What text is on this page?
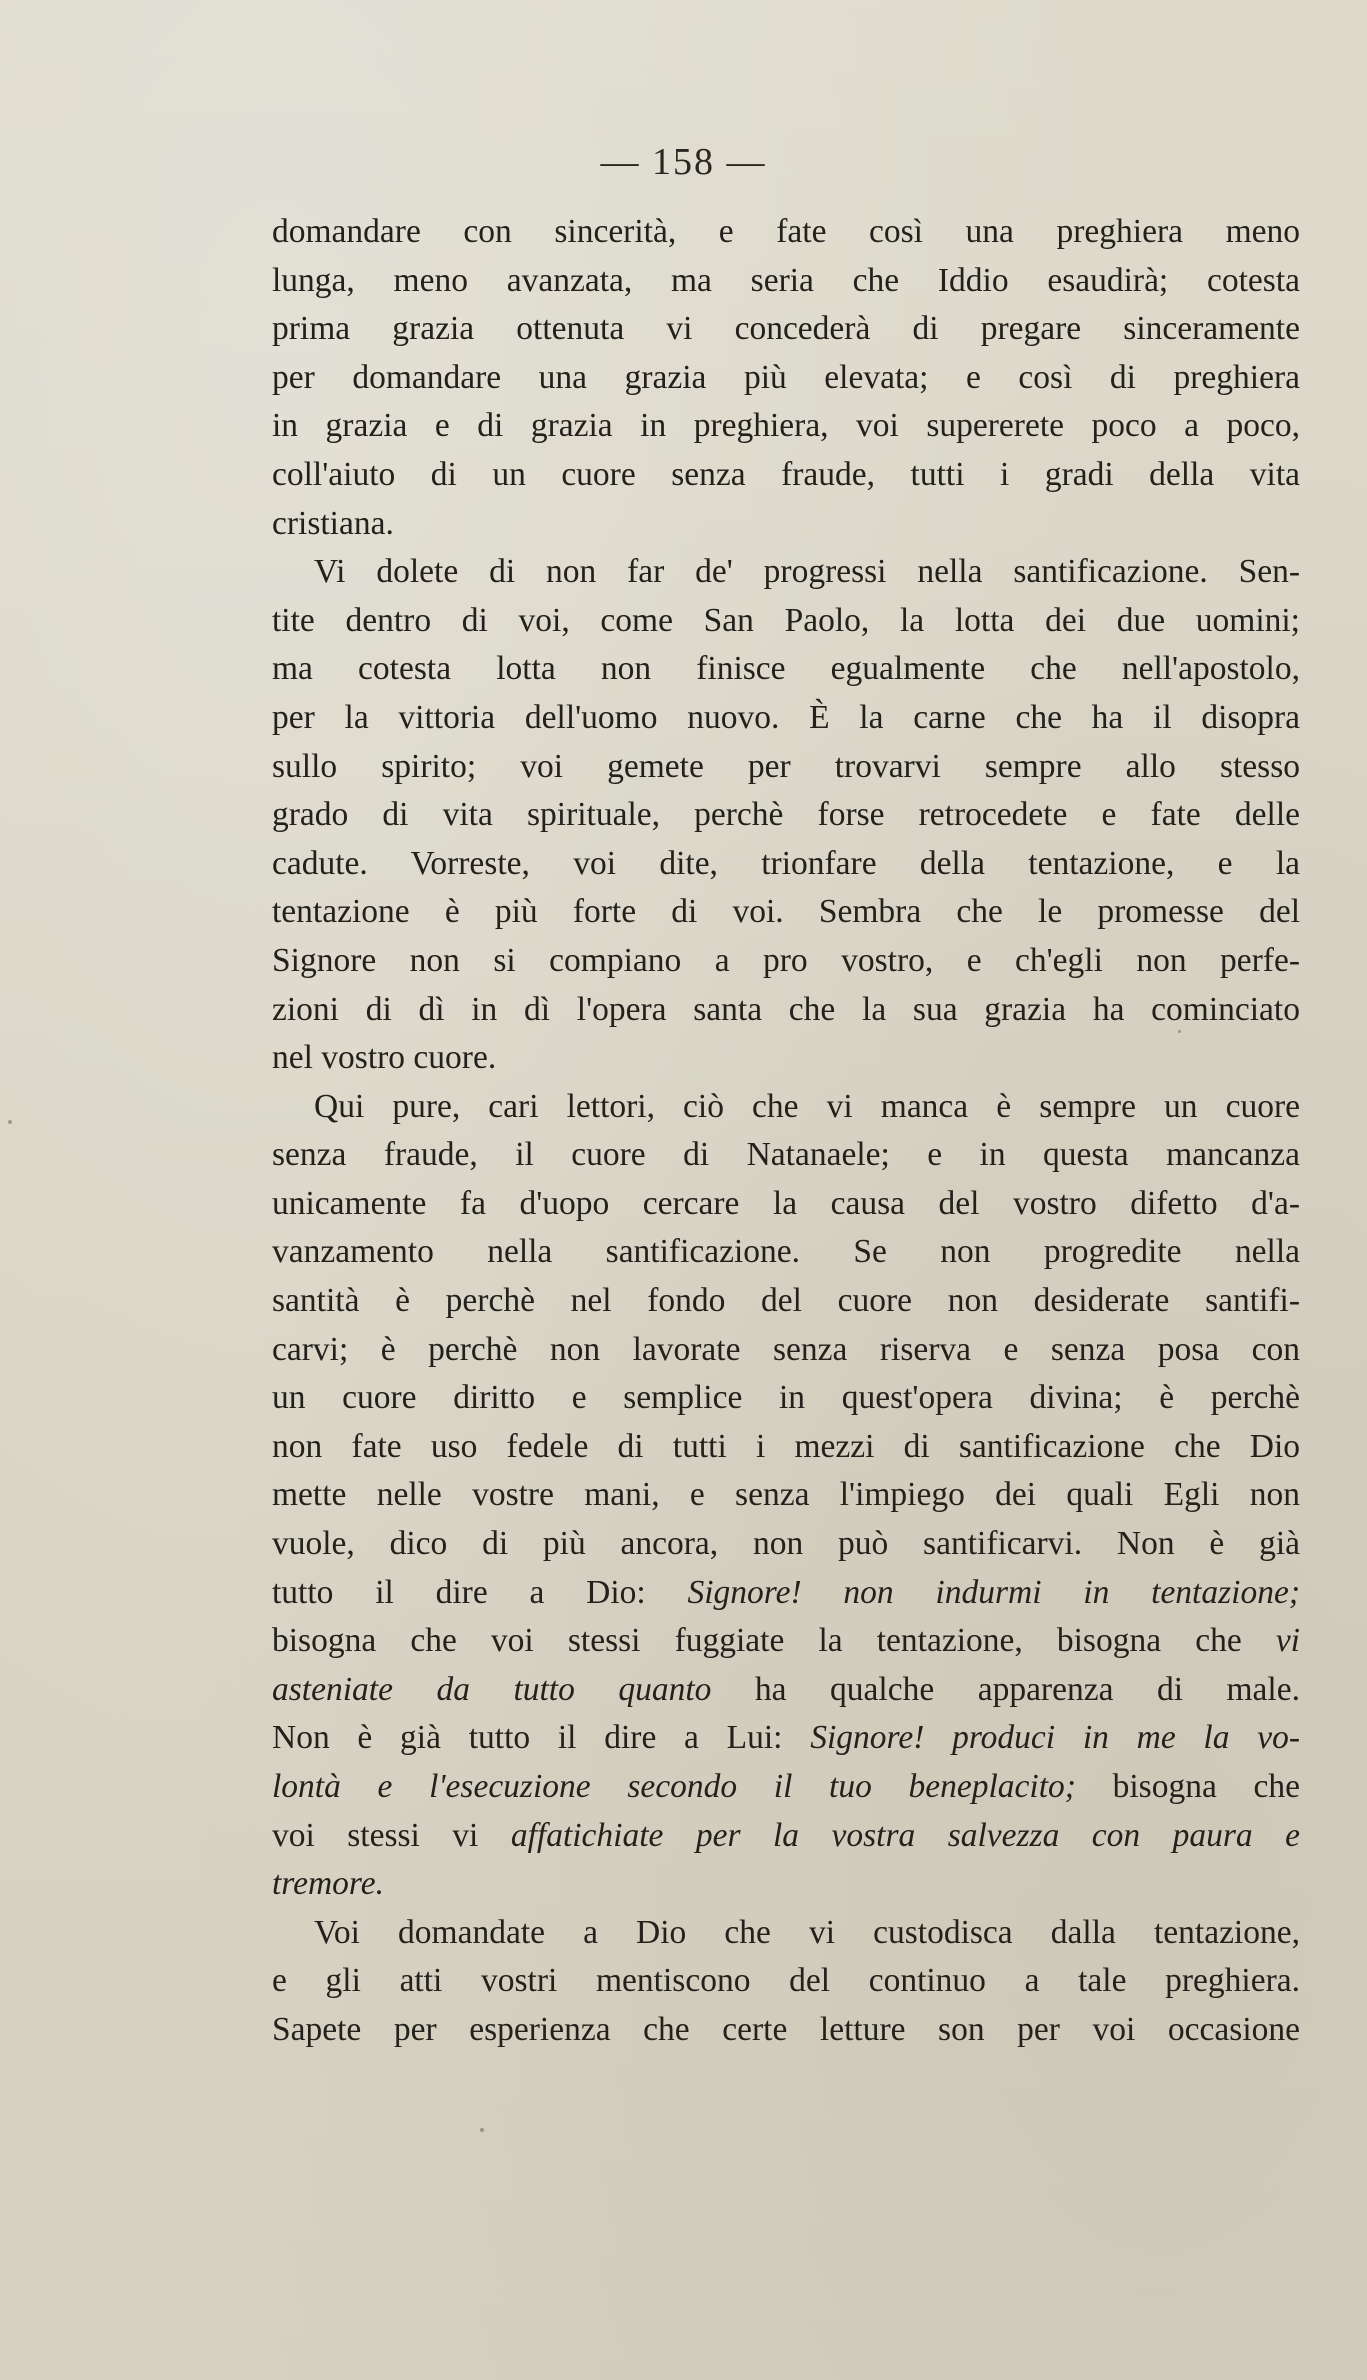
— 158 —
domandare con sincerità, e fate così una preghiera meno
lunga, meno avanzata, ma seria che Iddio esaudirà; cotesta
prima grazia ottenuta vi concederà di pregare sinceramente
per domandare una grazia più elevata; e così di preghiera
in grazia e di grazia in preghiera, voi supererete poco a poco,
coll'aiuto di un cuore senza fraude, tutti i gradi della vita
cristiana.
Vi dolete di non far de' progressi nella santificazione. Sen-
tite dentro di voi, come San Paolo, la lotta dei due uomini;
ma cotesta lotta non finisce egualmente che nell'apostolo,
per la vittoria dell'uomo nuovo. È la carne che ha il disopra
sullo spirito; voi gemete per trovarvi sempre allo stesso
grado di vita spirituale, perchè forse retrocedete e fate delle
cadute. Vorreste, voi dite, trionfare della tentazione, e la
tentazione è più forte di voi. Sembra che le promesse del
Signore non si compiano a pro vostro, e ch'egli non perfe-
zioni di dì in dì l'opera santa che la sua grazia ha cominciato
nel vostro cuore.
Qui pure, cari lettori, ciò che vi manca è sempre un cuore
senza fraude, il cuore di Natanaele; e in questa mancanza
unicamente fa d'uopo cercare la causa del vostro difetto d'a-
vanzamento nella santificazione. Se non progredite nella
santità è perchè nel fondo del cuore non desiderate santifi-
carvi; è perchè non lavorate senza riserva e senza posa con
un cuore diritto e semplice in quest'opera divina; è perchè
non fate uso fedele di tutti i mezzi di santificazione che Dio
mette nelle vostre mani, e senza l'impiego dei quali Egli non
vuole, dico di più ancora, non può santificarvi. Non è già
tutto il dire a Dio: Signore! non indurmi in tentazione;
bisogna che voi stessi fuggiate la tentazione, bisogna che vi
asteniate da tutto quanto ha qualche apparenza di male.
Non è già tutto il dire a Lui: Signore! produci in me la vo-
lontà e l'esecuzione secondo il tuo beneplacito; bisogna che
voi stessi vi affatichiate per la vostra salvezza con paura e
tremore.
Voi domandate a Dio che vi custodisca dalla tentazione,
e gli atti vostri mentiscono del continuo a tale preghiera.
Sapete per esperienza che certe letture son per voi occasione
